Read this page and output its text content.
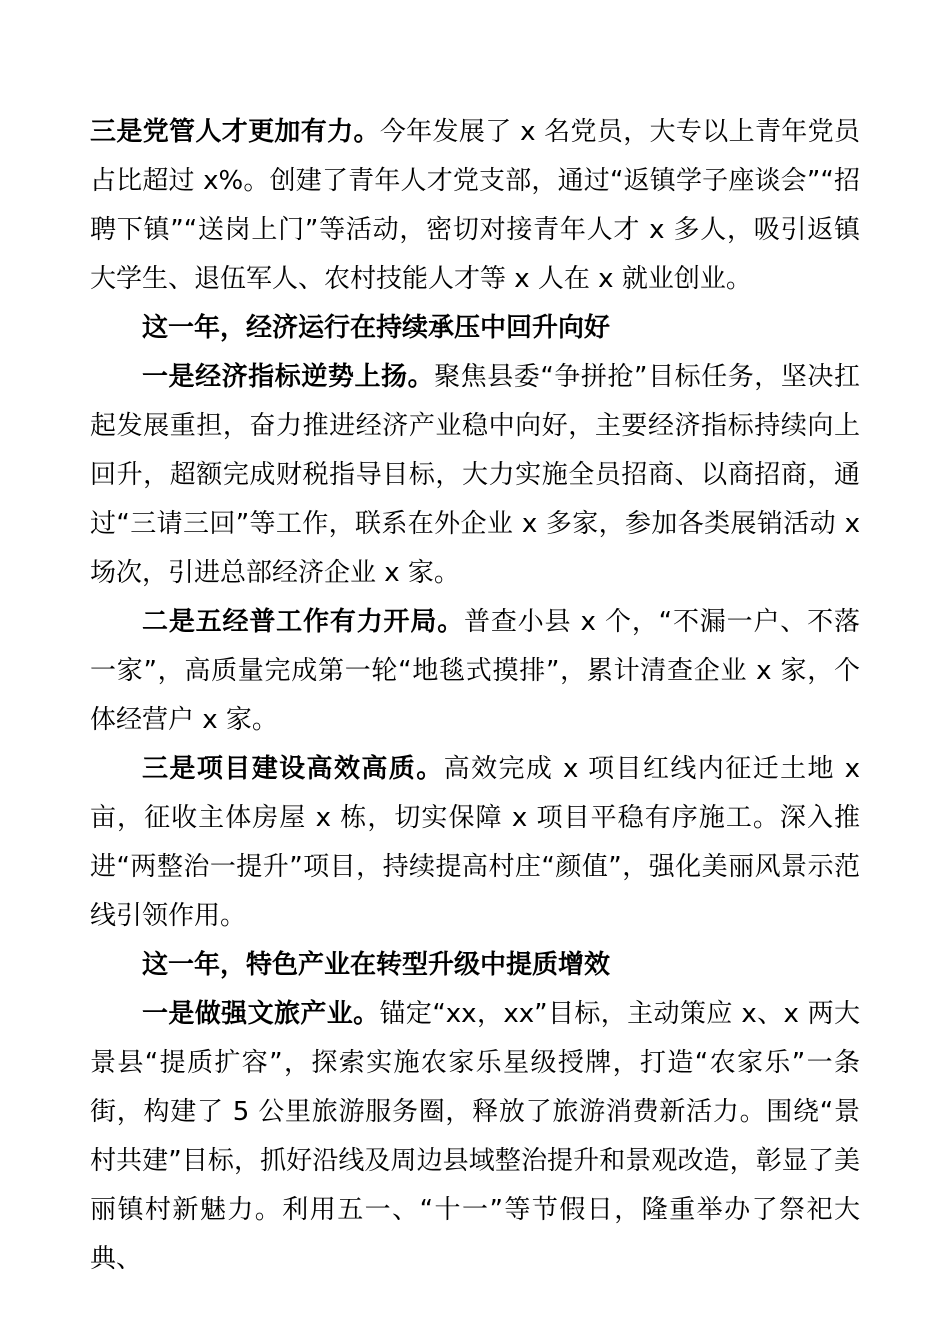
三是党管人才更加有力。今年发展了 x 名党员，大专以上青年党员占比超过 x%。创建了青年人才党支部，通过“返镇学子座谈会”“招聘下镇”“送岗上门”等活动，密切对接青年人才 x 多人，吸引返镇大学生、退伍军人、农村技能人才等 x 人在 x 就业创业。

这一年，经济运行在持续承压中回升向好

一是经济指标逆势上扬。聚焦县委“争拼抢”目标任务，坚决扛起发展重担，奋力推进经济产业稳中向好，主要经济指标持续向上回升，超额完成财税指导目标，大力实施全员招商、以商招商，通过“三请三回”等工作，联系在外企业 x 多家，参加各类展销活动 x 场次，引进总部经济企业 x 家。

二是五经普工作有力开局。普查小县 x 个，“不漏一户、不落一家”，高质量完成第一轮“地毯式摸排”，累计清查企业 x 家，个体经营户 x 家。

三是项目建设高效高质。高效完成 x 项目红线内征迁土地 x 亩，征收主体房屋 x 栋，切实保障 x 项目平稳有序施工。深入推进“两整治一提升”项目，持续提高村庄“颜值”，强化美丽风景示范线引领作用。

这一年，特色产业在转型升级中提质增效

一是做强文旅产业。锚定“xx，xx”目标，主动策应 x、x 两大景县“提质扩容”，探索实施农家乐星级授牌，打造“农家乐”一条街，构建了 5 公里旅游服务圈，释放了旅游消费新活力。围绕“景村共建”目标，抓好沿线及周边县域整治提升和景观改造，彰显了美丽镇村新魅力。利用五一、“十一”等节假日，隆重举办了祭祀大典、
